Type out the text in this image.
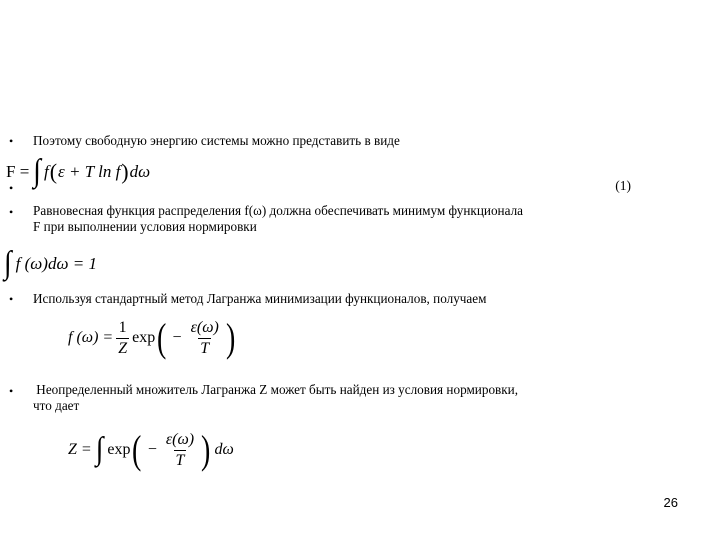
• Поэтому свободную энергию системы можно представить в виде
F = ∫ f ( ε + T ln f ) dω
•	(1)
• Равновесная функция распределения f(ω) должна обеспечивать минимум функционала
F при выполнении условия нормировки
∫ f (ω)dω = 1
• Используя стандартный метод Лагранжа минимизации функционалов, получаем
f $(\omega) = \frac{1}{Z}$ exp ( − $\frac{\varepsilon(\omega)}{T}$ )
• Неопределенный множитель Лагранжа Z может быть найден из условия нормировки,
что дает
Z = ∫ exp ( − $\frac{\varepsilon(\omega)}{T}$ ) dω
26
